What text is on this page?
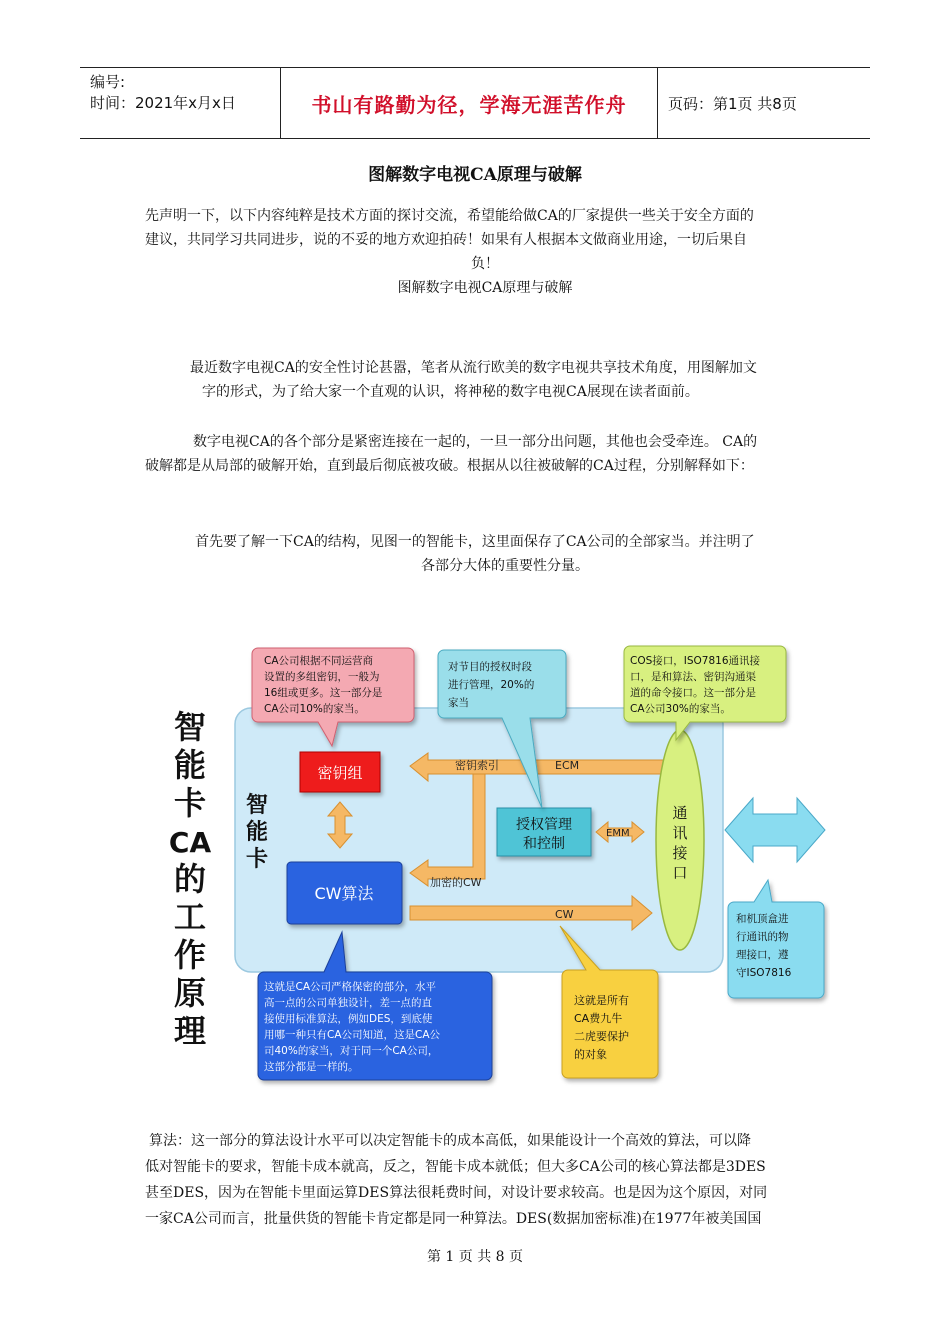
编号:
时间：2021年x月x日	书山有路勤为径，学海无涯苦作舟	页码：第1页 共8页
图解数字电视CA原理与破解
先声明一下，以下内容纯粹是技术方面的探讨交流，希望能给做CA的厂家提供一些关于安全方面的
建议，共同学习共同进步，说的不妥的地方欢迎拍砖！如果有人根据本文做商业用途，一切后果自
负！
图解数字电视CA原理与破解
最近数字电视CA的安全性讨论甚嚣，笔者从流行欧美的数字电视共享技术角度，用图解加文
字的形式，为了给大家一个直观的认识，将神秘的数字电视CA展现在读者面前。
数字电视CA的各个部分是紧密连接在一起的，一旦一部分出问题，其他也会受牵连。 CA的
破解都是从局部的破解开始，直到最后彻底被攻破。根据从以往被破解的CA过程，分别解释如下：
首先要了解一下CA的结构，见图一的智能卡，这里面保存了CA公司的全部家当。并注明了
各部分大体的重要性分量。
智
能
卡
CA
的
工
作
原
理
智
能
卡
密钥组
CW算法
密钥索引	ECM
加密的CW
授权管理
和控制
EMM
CW
通
讯
接
口
CA公司根据不同运营商
设置的多组密钥，一般为
16组或更多。这一部分是
CA公司10%的家当。
对节目的授权时段
进行管理，20%的
家当
COS接口，ISO7816通讯接
口，是和算法、密钥沟通渠
道的命令接口。这一部分是
CA公司30%的家当。
这就是CA公司严格保密的部分，水平
高一点的公司单独设计，差一点的直
接使用标准算法，例如DES，到底使
用哪一种只有CA公司知道，这是CA公
司40%的家当，对于同一个CA公司，
这部分都是一样的。
这就是所有
CA费九牛
二虎要保护
的对象
和机顶盒进
行通讯的物
理接口，遵
守ISO7816
算法：这一部分的算法设计水平可以决定智能卡的成本高低，如果能设计一个高效的算法，可以降
低对智能卡的要求，智能卡成本就高，反之，智能卡成本就低；但大多CA公司的核心算法都是3DES
甚至DES，因为在智能卡里面运算DES算法很耗费时间，对设计要求较高。也是因为这个原因，对同
一家CA公司而言，批量供货的智能卡肯定都是同一种算法。DES(数据加密标准)在1977年被美国国
第 1 页 共 8 页
